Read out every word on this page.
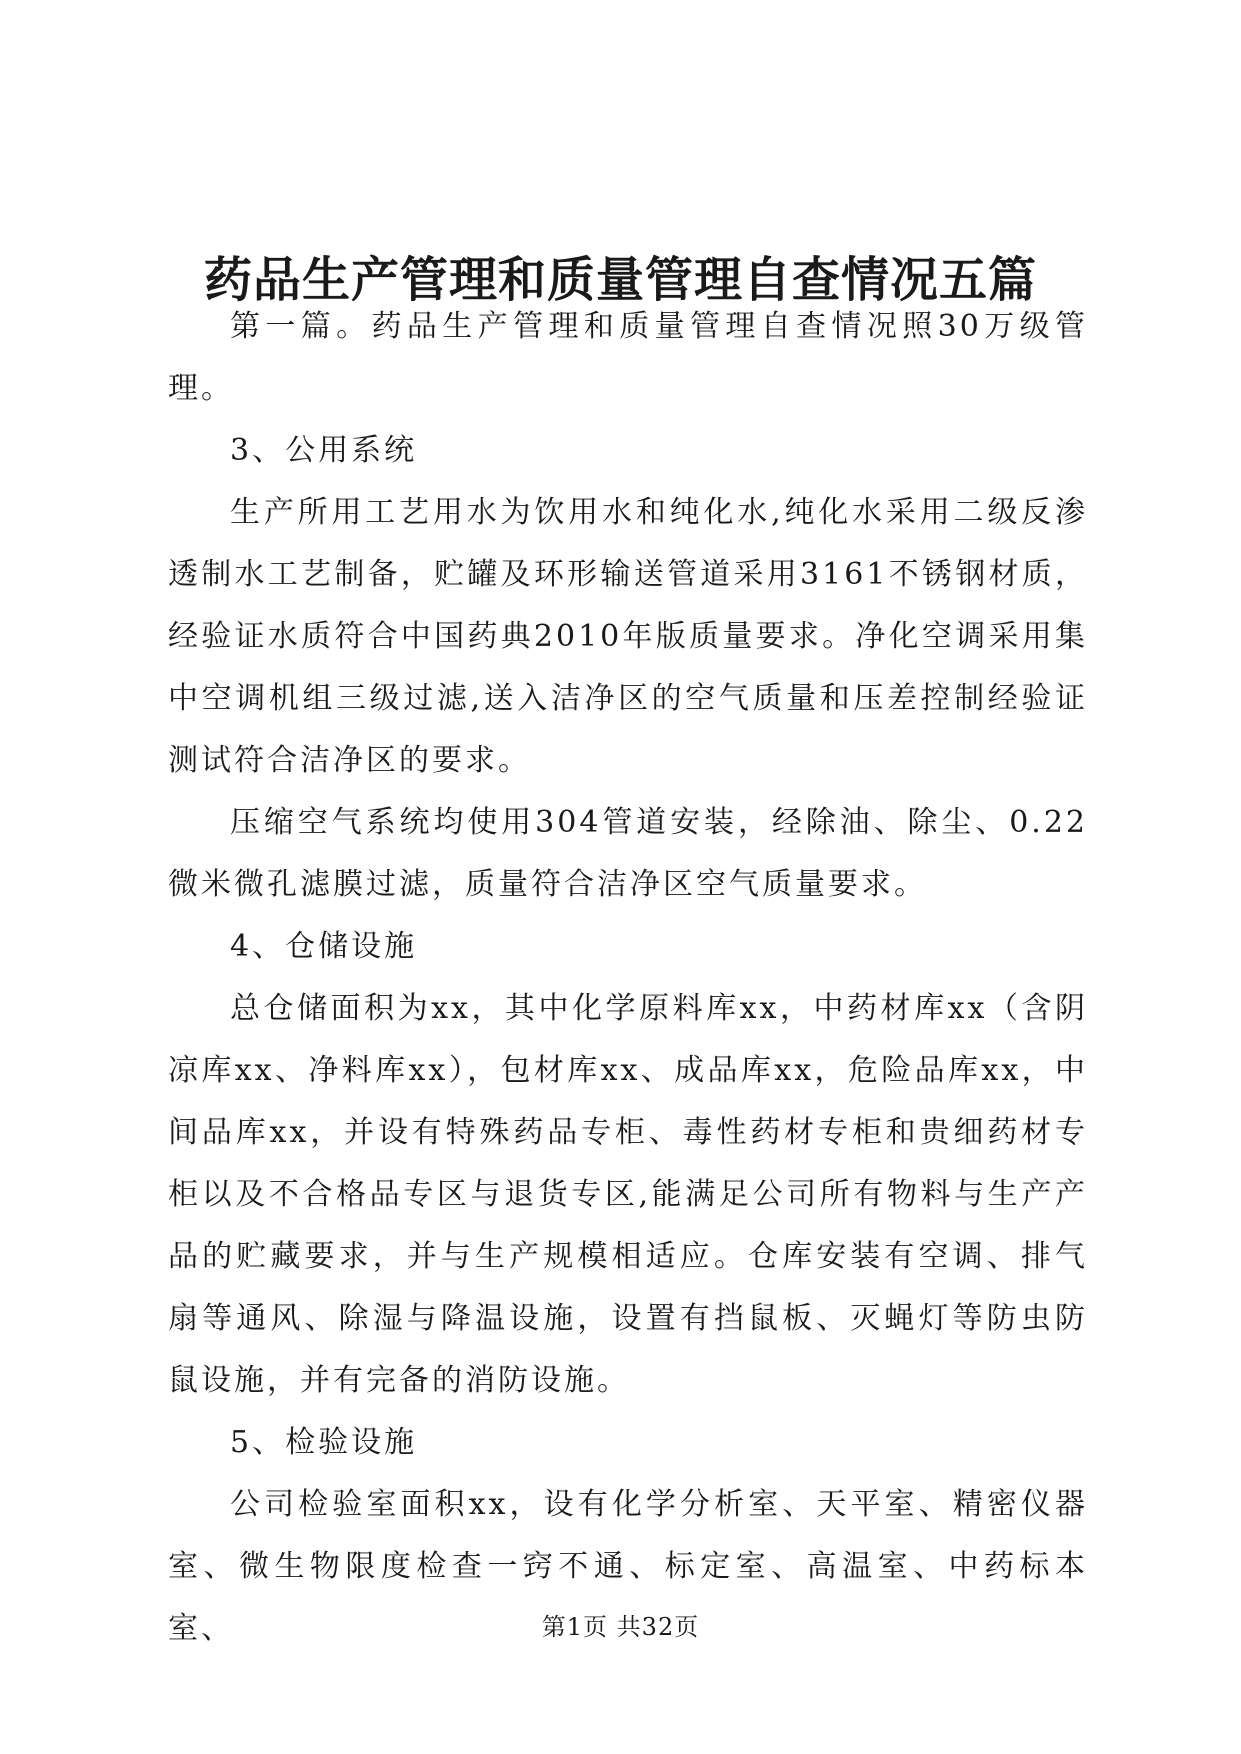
药品生产管理和质量管理自查情况五篇

第一篇。药品生产管理和质量管理自查情况照30万级管理。

3、公用系统

生产所用工艺用水为饮用水和纯化水,纯化水采用二级反渗透制水工艺制备，贮罐及环形输送管道采用3161不锈钢材质，经验证水质符合中国药典2010年版质量要求。净化空调采用集中空调机组三级过滤,送入洁净区的空气质量和压差控制经验证测试符合洁净区的要求。

压缩空气系统均使用304管道安装，经除油、除尘、0.22微米微孔滤膜过滤，质量符合洁净区空气质量要求。

4、仓储设施

总仓储面积为xx，其中化学原料库xx，中药材库xx（含阴凉库xx、净料库xx），包材库xx、成品库xx，危险品库xx，中间品库xx，并设有特殊药品专柜、毒性药材专柜和贵细药材专柜以及不合格品专区与退货专区,能满足公司所有物料与生产产品的贮藏要求，并与生产规模相适应。仓库安装有空调、排气扇等通风、除湿与降温设施，设置有挡鼠板、灭蝇灯等防虫防鼠设施，并有完备的消防设施。

5、检验设施

公司检验室面积xx，设有化学分析室、天平室、精密仪器室、微生物限度检查一窍不通、标定室、高温室、中药标本室、	第1页 共32页
